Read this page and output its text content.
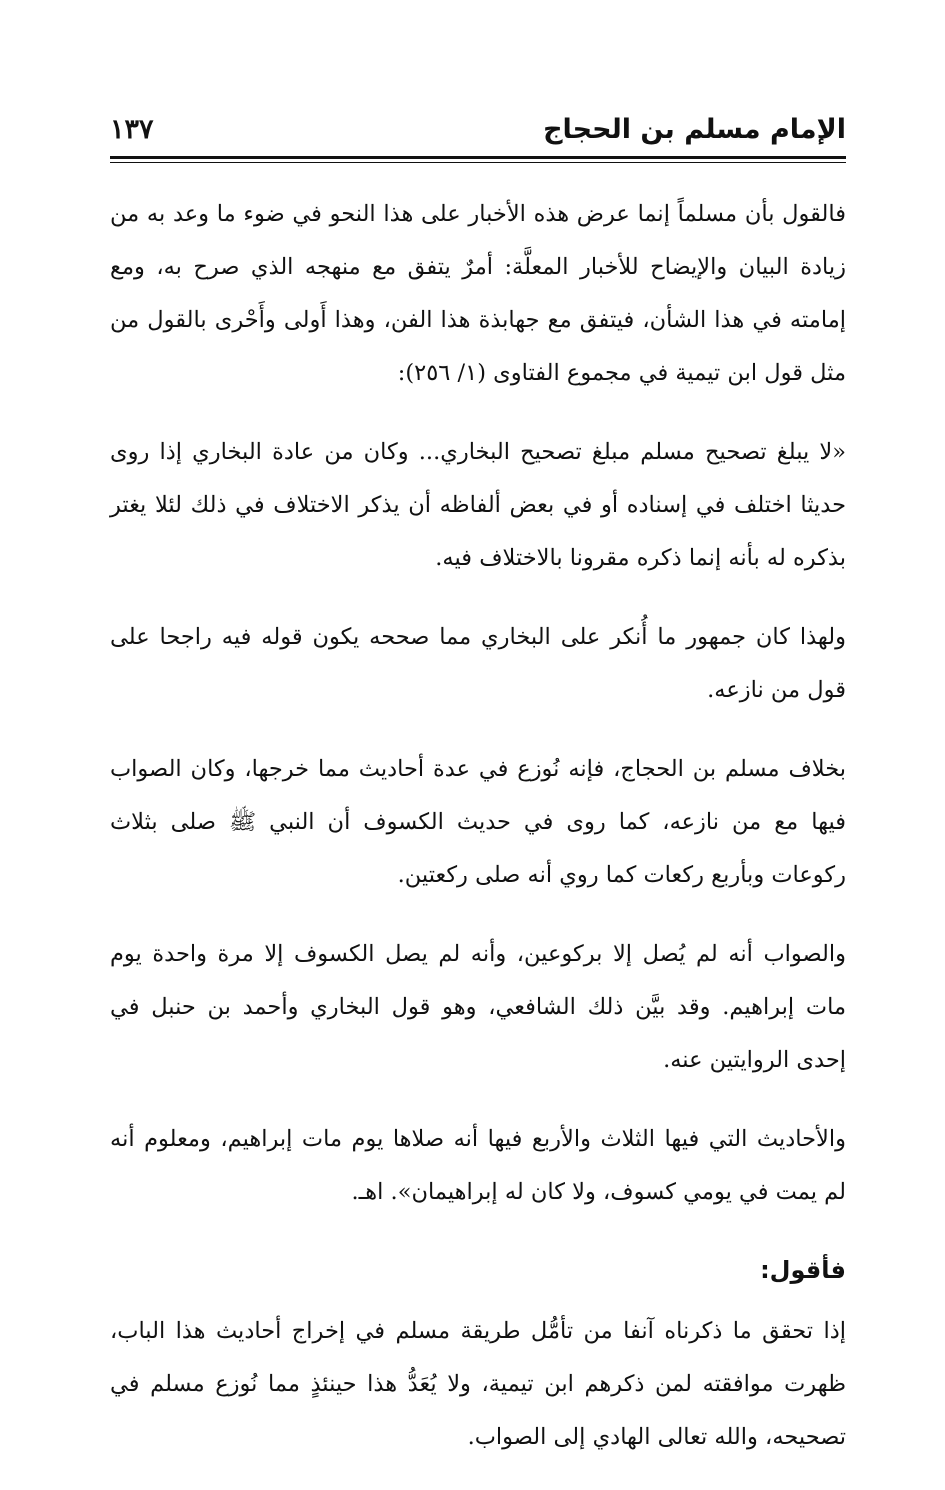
الإمام مسلم بن الحجاج
١٣٧

فالقول بأن مسلماً إنما عرض هذه الأخبار على هذا النحو في ضوء ما وعد به من زيادة البيان والإيضاح للأخبار المعلَّة: أمرٌ يتفق مع منهجه الذي صرح به، ومع إمامته في هذا الشأن، فيتفق مع جهابذة هذا الفن، وهذا أَولى وأَحْرى بالقول من مثل قول ابن تيمية في مجموع الفتاوى (١/ ٢٥٦):

«لا يبلغ تصحيح مسلم مبلغ تصحيح البخاري... وكان من عادة البخاري إذا روى حديثا اختلف في إسناده أو في بعض ألفاظه أن يذكر الاختلاف في ذلك لئلا يغتر بذكره له بأنه إنما ذكره مقرونا بالاختلاف فيه.

ولهذا كان جمهور ما أُنكر على البخاري مما صححه يكون قوله فيه راجحا على قول من نازعه.

بخلاف مسلم بن الحجاج، فإنه نُوزع في عدة أحاديث مما خرجها، وكان الصواب فيها مع من نازعه، كما روى في حديث الكسوف أن النبي ﷺ صلى بثلاث ركوعات وبأربع ركعات كما روي أنه صلى ركعتين.

والصواب أنه لم يُصل إلا بركوعين، وأنه لم يصل الكسوف إلا مرة واحدة يوم مات إبراهيم. وقد بيَّن ذلك الشافعي، وهو قول البخاري وأحمد بن حنبل في إحدى الروايتين عنه.

والأحاديث التي فيها الثلاث والأربع فيها أنه صلاها يوم مات إبراهيم، ومعلوم أنه لم يمت في يومي كسوف، ولا كان له إبراهيمان». اهـ.

فأقول:

إذا تحقق ما ذكرناه آنفا من تأمُّل طريقة مسلم في إخراج أحاديث هذا الباب، ظهرت موافقته لمن ذكرهم ابن تيمية، ولا يُعَدُّ هذا حينئذٍ مما نُوزع مسلم في تصحيحه، والله تعالى الهادي إلى الصواب.
